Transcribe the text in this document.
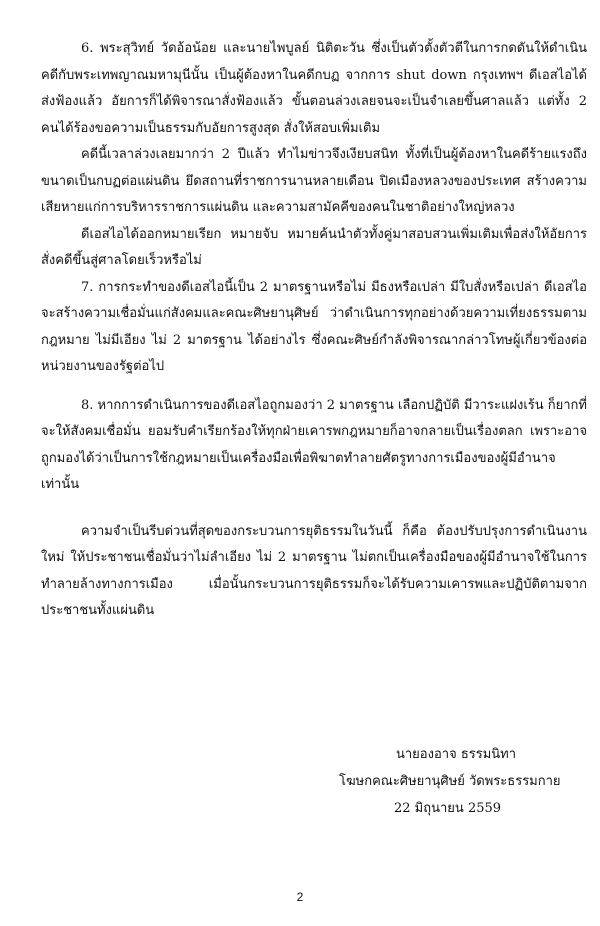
6. พระสุวิทย์ วัดอ้อน้อย และนายไพบูลย์ นิติตะวัน ซึ่งเป็นตัวตั้งตัวตีในการกดดันให้ดำเนินคดีกับพระเทพญาณมหามุนีนั้น เป็นผู้ต้องหาในคดีกบฏ จากการ shut down กรุงเทพฯ ดีเอสไอได้ส่งฟ้องแล้ว อัยการก็ได้พิจารณาสั่งฟ้องแล้ว ขั้นตอนล่วงเลยจนจะเป็นจำเลยขึ้นศาลแล้ว แต่ทั้ง 2 คนได้ร้องขอความเป็นธรรมกับอัยการสูงสุด สั่งให้สอบเพิ่มเติม

คดีนี้เวลาล่วงเลยมากว่า 2 ปีแล้ว ทำไมข่าวจึงเงียบสนิท ทั้งที่เป็นผู้ต้องหาในคดีร้ายแรงถึงขนาดเป็นกบฏต่อแผ่นดิน ยึดสถานที่ราชการนานหลายเดือน ปิดเมืองหลวงของประเทศ สร้างความเสียหายแก่การบริหารราชการแผ่นดิน และความสามัคคีของคนในชาติอย่างใหญ่หลวง

ดีเอสไอได้ออกหมายเรียก หมายจับ หมายค้นนำตัวทั้งคู่มาสอบสวนเพิ่มเติมเพื่อส่งให้อัยการสั่งคดีขึ้นสู่ศาลโดยเร็วหรือไม่

7. การกระทำของดีเอสไอนี้เป็น 2 มาตรฐานหรือไม่ มีธงหรือเปล่า มีใบสั่งหรือเปล่า ดีเอสไอจะสร้างความเชื่อมั่นแก่สังคมและคณะศิษยานุศิษย์ ว่าดำเนินการทุกอย่างด้วยความเที่ยงธรรมตามกฎหมาย ไม่มีเอียง ไม่ 2 มาตรฐาน ได้อย่างไร ซึ่งคณะศิษย์กำลังพิจารณากล่าวโทษผู้เกี่ยวข้องต่อหน่วยงานของรัฐต่อไป

8. หากการดำเนินการของดีเอสไอถูกมองว่า 2 มาตรฐาน เลือกปฏิบัติ มีวาระแฝงเร้น ก็ยากที่จะให้สังคมเชื่อมั่น ยอมรับคำเรียกร้องให้ทุกฝ่ายเคารพกฎหมายก็อาจกลายเป็นเรื่องตลก เพราะอาจถูกมองได้ว่าเป็นการใช้กฎหมายเป็นเครื่องมือเพื่อพิฆาตทำลายศัตรูทางการเมืองของผู้มีอำนาจเท่านั้น

ความจำเป็นรีบด่วนที่สุดของกระบวนการยุติธรรมในวันนี้ ก็คือ ต้องปรับปรุงการดำเนินงานใหม่ ให้ประชาชนเชื่อมั่นว่าไม่ลำเอียง ไม่ 2 มาตรฐาน ไม่ตกเป็นเครื่องมือของผู้มีอำนาจใช้ในการทำลายล้างทางการเมือง เมื่อนั้นกระบวนการยุติธรรมก็จะได้รับความเคารพและปฏิบัติตามจากประชาชนทั้งแผ่นดิน

นายองอาจ ธรรมนิทา
โฆษกคณะศิษยานุศิษย์ วัดพระธรรมกาย
22 มิถุนายน 2559
2
